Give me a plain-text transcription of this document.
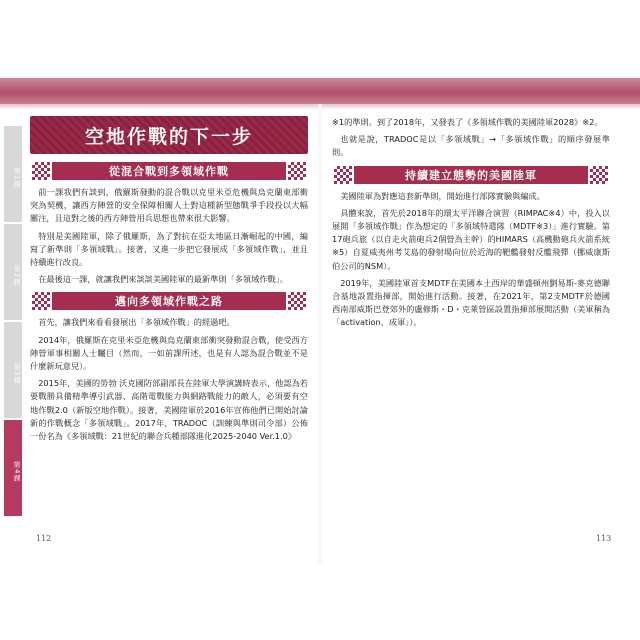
第1課
第2課
第3課
第4課
空地作戰的下一步
從混合戰到多領域作戰

前一課我們有談到，俄羅斯發動的混合戰以克里米亞危機與烏克蘭東部衝突為契機，讓西方陣營的安全保障相關人士對這種新型態戰爭手段投以大幅關注，且這對之後的西方陣營用兵思想也帶來很大影響。

特別是美國陸軍，除了俄羅斯，為了對抗在亞太地區日漸崛起的中國，編寫了新準則「多領域戰」。接著，又進一步把它發展成「多領域作戰」，並且持續進行改良。

在最後這一課，就讓我們來談談美國陸軍的最新準則「多領域作戰」。

邁向多領域作戰之路

首先，讓我們來看看發展出「多領域作戰」的經過吧。

2014年，俄羅斯在克里米亞危機與烏克蘭東部衝突發動混合戰，使受西方陣營軍事相關人士矚目（然而，一如前課所述，也是有人認為混合戰並不是什麼新玩意兒）。

2015年，美國的勞勃 沃克國防部副部長在陸軍大學演講時表示，他認為若要戰勝具備精準導引武器、高階電戰能力與網路戰能力的敵人，必須要有空地作戰2.0（新版空地作戰）。接著，美國陸軍於2016年宣佈他們已開始討論新的作戰概念「多領域戰」。2017年，TRADOC（訓練與準則司令部）公佈一份名為《多領域戰：21世紀的聯合兵種部隊進化2025-2040 Ver.1.0》

※1的準則。到了2018年，又發表了《多領域作戰的美國陸軍2028》※2。

也就是說，TRADOC是以「多領域戰」→「多領域作戰」的順序發展準則。

持續建立態勢的美國陸軍

美國陸軍為對應這套新準則，開始進行部隊實驗與編成。

具體來說，首先於2018年的環太平洋聯合演習（RIMPAC※4）中，投入以展開「多領域作戰」作為想定的「多領域特遣隊（MDTF※3）」進行實驗。第17砲兵旅（以自走火箭砲兵2個營為主幹）的HIMARS（高機動砲兵火箭系統※5）自夏威夷州考艾島的發射場向位於近海的靶艦發射反艦飛彈（挪威康斯伯公司的NSM）。

2019年，美國陸軍首支MDTF在美國本土西岸的華盛頓州劉易斯-麥克德聯合基地設置指揮部，開始進行活動。接著，在2021年，第2支MDTF於德國西南部威斯巴登郊外的盧修斯・D・克萊營區設置指揮部展開活動（美軍稱為「activation，成軍」）。

112	113
